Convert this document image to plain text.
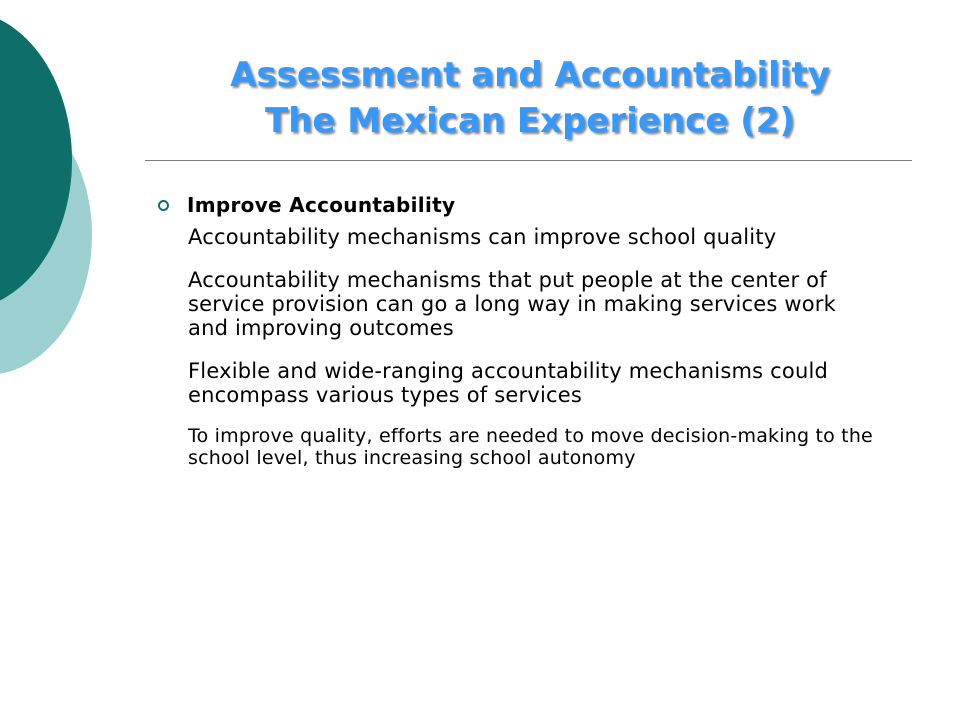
Assessment and Accountability
The Mexican Experience (2)
Improve Accountability
Accountability mechanisms can improve school quality
Accountability mechanisms that put people at the center of service provision can go a long way in making services work and improving outcomes
Flexible and wide-ranging accountability mechanisms could encompass various types of services
To improve quality, efforts are needed to move decision-making to the school level, thus increasing school autonomy
